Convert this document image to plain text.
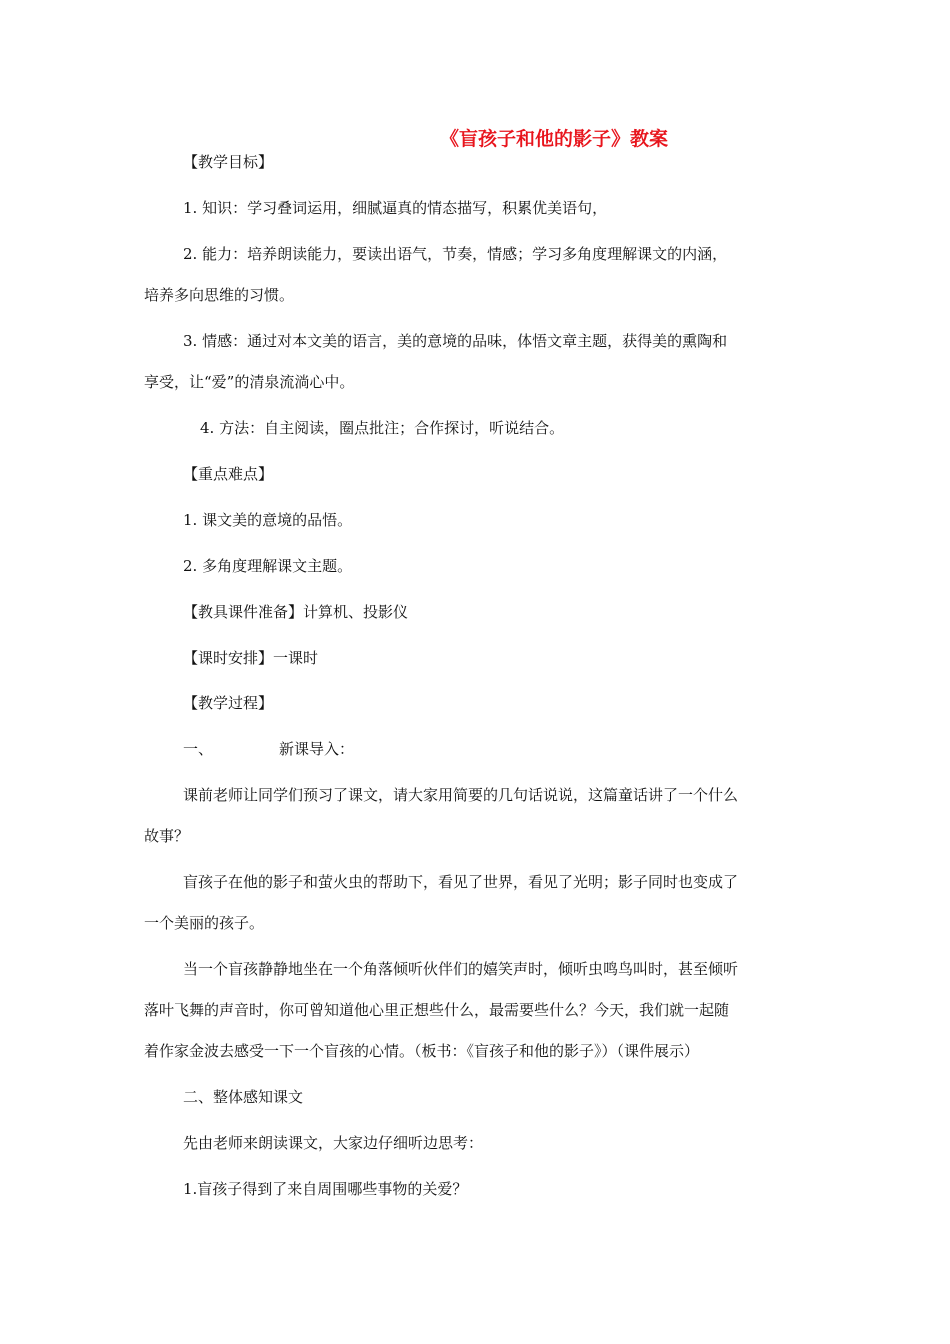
《盲孩子和他的影子》教案
【教学目标】
1. 知识：学习叠词运用，细腻逼真的情态描写，积累优美语句，
2. 能力：培养朗读能力，要读出语气，节奏，情感；学习多角度理解课文的内涵，
培养多向思维的习惯。
3. 情感：通过对本文美的语言，美的意境的品味，体悟文章主题，获得美的熏陶和
享受，让“爱”的清泉流淌心中。
4. 方法：自主阅读，圈点批注；合作探讨，听说结合。
【重点难点】
1. 课文美的意境的品悟。
2. 多角度理解课文主题。
【教具课件准备】计算机、投影仪
【课时安排】一课时
【教学过程】
一、	新课导入：
课前老师让同学们预习了课文，请大家用简要的几句话说说，这篇童话讲了一个什么
故事？
盲孩子在他的影子和萤火虫的帮助下，看见了世界，看见了光明；影子同时也变成了
一个美丽的孩子。
当一个盲孩静静地坐在一个角落倾听伙伴们的嬉笑声时，倾听虫鸣鸟叫时，甚至倾听
落叶飞舞的声音时，你可曾知道他心里正想些什么，最需要些什么？今天，我们就一起随
着作家金波去感受一下一个盲孩的心情。（板书：《盲孩子和他的影子》）（课件展示）
二、整体感知课文
先由老师来朗读课文，大家边仔细听边思考：
1.盲孩子得到了来自周围哪些事物的关爱？
